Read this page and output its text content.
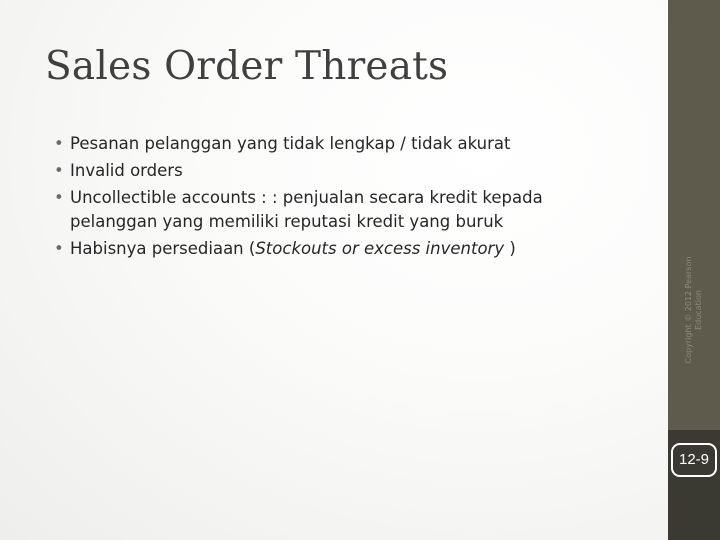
Sales Order Threats
• Pesanan pelanggan yang tidak lengkap / tidak akurat
• Invalid orders
• Uncollectible accounts : : penjualan secara kredit kepada pelanggan yang memiliki reputasi kredit yang buruk
• Habisnya persediaan (Stockouts or excess inventory )
Copyright © 2012 Pearson Education
12-9
